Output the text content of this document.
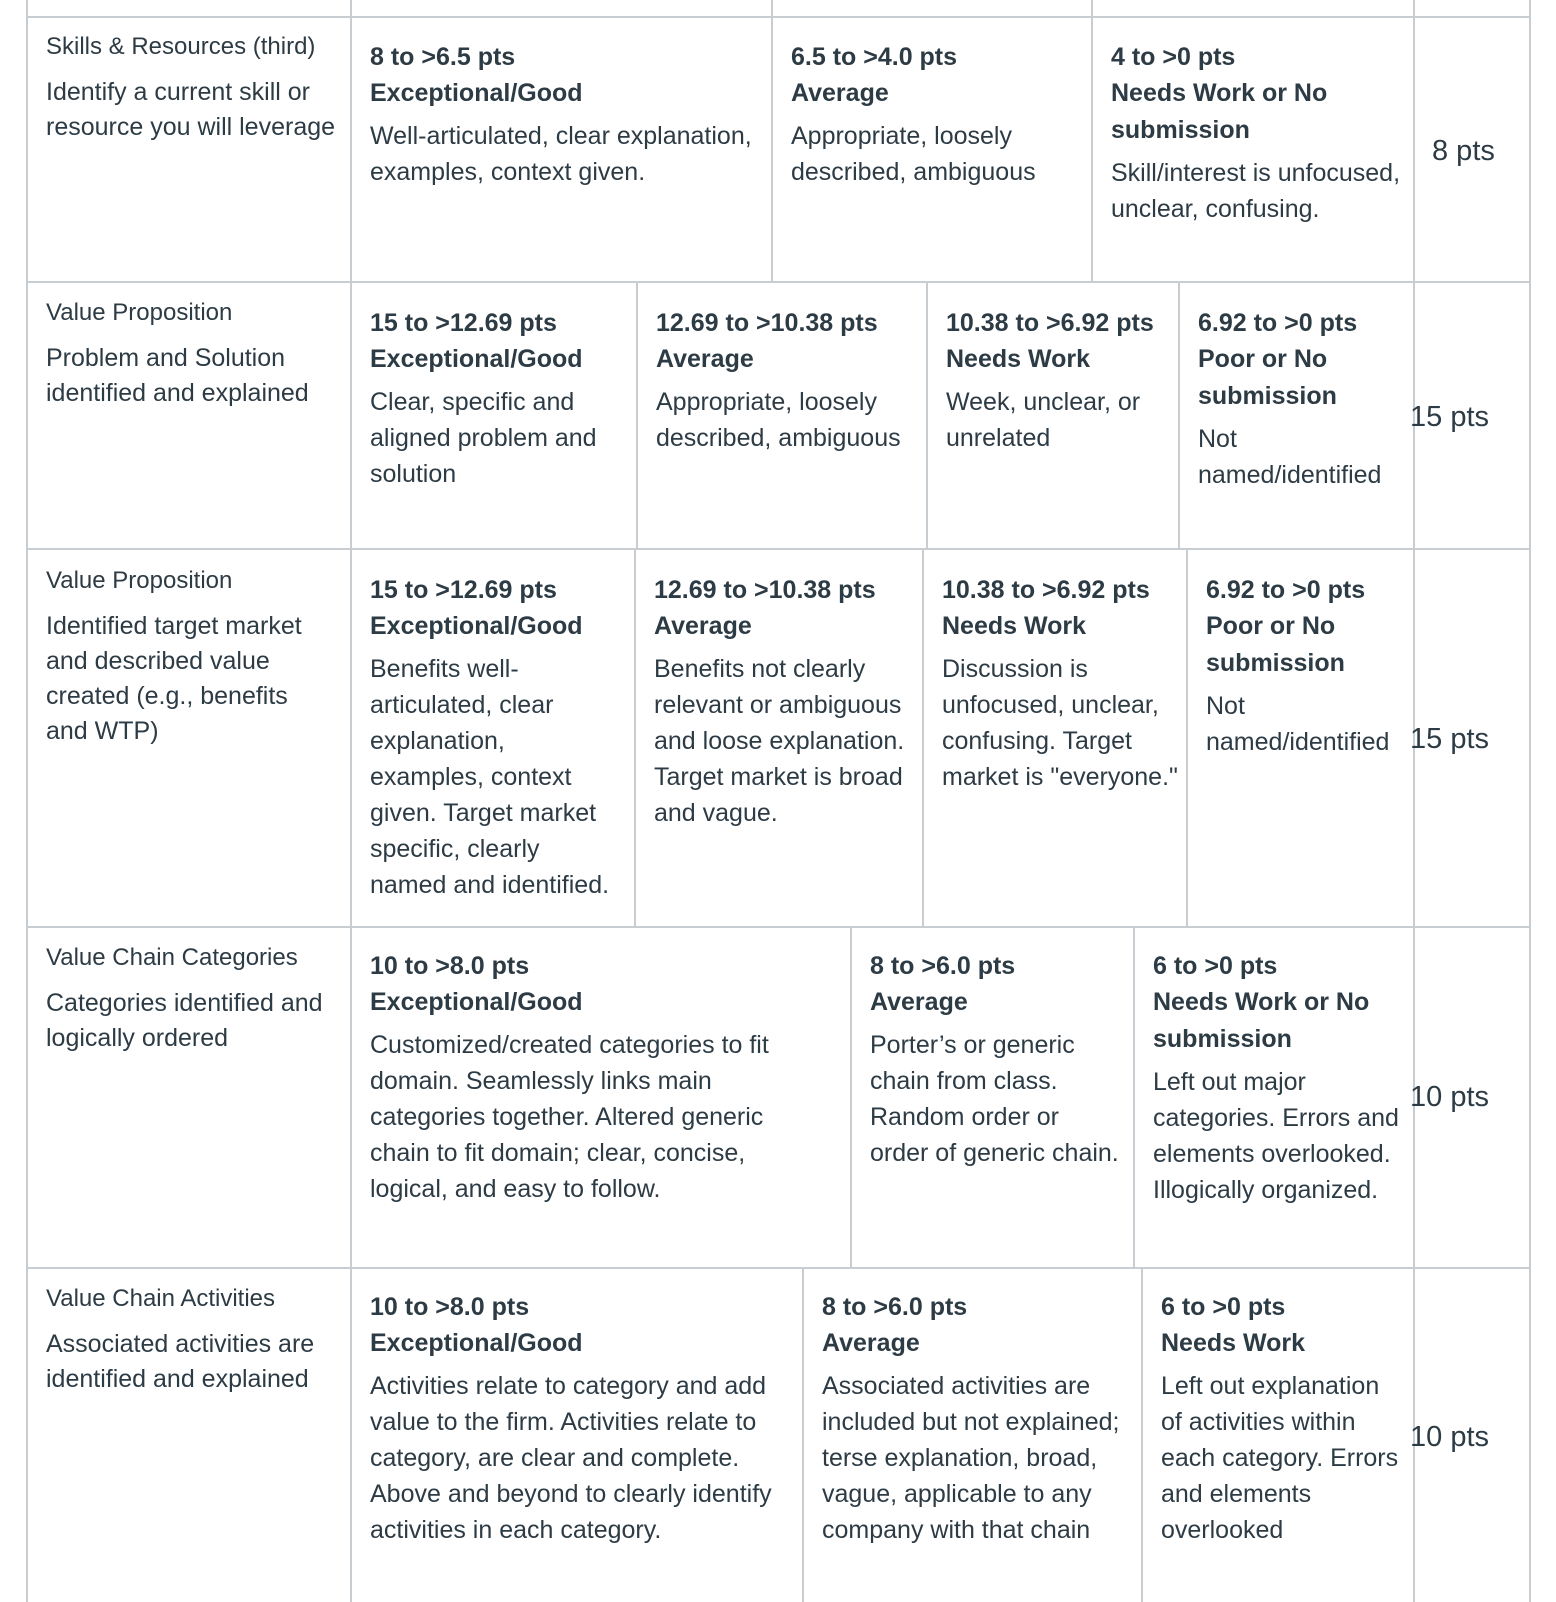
Skills & Resources (third)
Identify a current skill or resource you will leverage
8 to >6.5 pts
Exceptional/Good
Well-articulated, clear explanation, examples, context given.
6.5 to >4.0 pts
Average
Appropriate, loosely described, ambiguous
4 to >0 pts
Needs Work or No submission
Skill/interest is unfocused, unclear, confusing.
8 pts
Value Proposition
Problem and Solution identified and explained
15 to >12.69 pts
Exceptional/Good
Clear, specific and aligned problem and solution
12.69 to >10.38 pts
Average
Appropriate, loosely described, ambiguous
10.38 to >6.92 pts
Needs Work
Week, unclear, or unrelated
6.92 to >0 pts
Poor or No submission
Not named/identified
15 pts
Value Proposition
Identified target market and described value created (e.g., benefits and WTP)
15 to >12.69 pts
Exceptional/Good
Benefits well-articulated, clear explanation, examples, context given. Target market specific, clearly named and identified.
12.69 to >10.38 pts
Average
Benefits not clearly relevant or ambiguous and loose explanation. Target market is broad and vague.
10.38 to >6.92 pts
Needs Work
Discussion is unfocused, unclear, confusing. Target market is "everyone."
6.92 to >0 pts
Poor or No submission
Not named/identified 15 pts
Value Chain Categories
Categories identified and logically ordered
10 to >8.0 pts
Exceptional/Good
Customized/created categories to fit domain. Seamlessly links main categories together. Altered generic chain to fit domain; clear, concise, logical, and easy to follow.
8 to >6.0 pts
Average
Porter’s or generic chain from class. Random order or order of generic chain.
6 to >0 pts
Needs Work or No submission
Left out major categories. Errors and elements overlooked. Illogically organized.
10 pts
Value Chain Activities
Associated activities are identified and explained
10 to >8.0 pts
Exceptional/Good
Activities relate to category and add value to the firm. Activities relate to category, are clear and complete. Above and beyond to clearly identify activities in each category.
8 to >6.0 pts
Average
Associated activities are included but not explained; terse explanation, broad, vague, applicable to any company with that chain
6 to >0 pts
Needs Work
Left out explanation of activities within each category. Errors and elements overlooked
10 pts
